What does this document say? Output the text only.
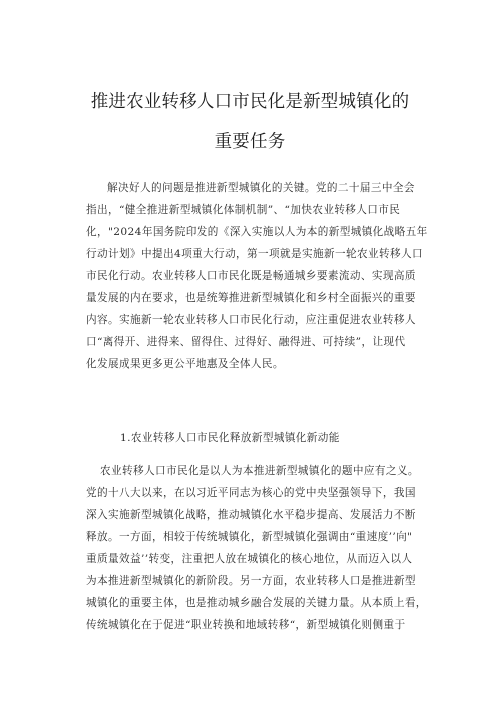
推进农业转移人口市民化是新型城镇化的
重要任务
解决好人的问题是推进新型城镇化的关键。党的二十届三中全会
指出，“健全推进新型城镇化体制机制”、“加快农业转移人口市民
化，"2024年国务院印发的《深入实施以人为本的新型城镇化战略五年
行动计划》中提出4项重大行动，第一项就是实施新一轮农业转移人口
市民化行动。农业转移人口市民化既是畅通城乡要素流动、实现高质
量发展的内在要求，也是统筹推进新型城镇化和乡村全面振兴的重要
内容。实施新一轮农业转移人口市民化行动，应注重促进农业转移人
口“离得开、进得来、留得住、过得好、融得进、可持续”，让现代
化发展成果更多更公平地惠及全体人民。
1.农业转移人口市民化释放新型城镇化新动能
农业转移人口市民化是以人为本推进新型城镇化的题中应有之义。
党的十八大以来，在以习近平同志为核心的党中央坚强领导下，我国
深入实施新型城镇化战略，推动城镇化水平稳步提高、发展活力不断
释放。一方面，相较于传统城镇化，新型城镇化强调由“重速度’’向"
重质量效益’’转变，注重把人放在城镇化的核心地位，从而迈入以人
为本推进新型城镇化的新阶段。另一方面，农业转移人口是推进新型
城镇化的重要主体，也是推动城乡融合发展的关键力量。从本质上看，
传统城镇化在于促进“职业转换和地域转移“，新型城镇化则侧重于
